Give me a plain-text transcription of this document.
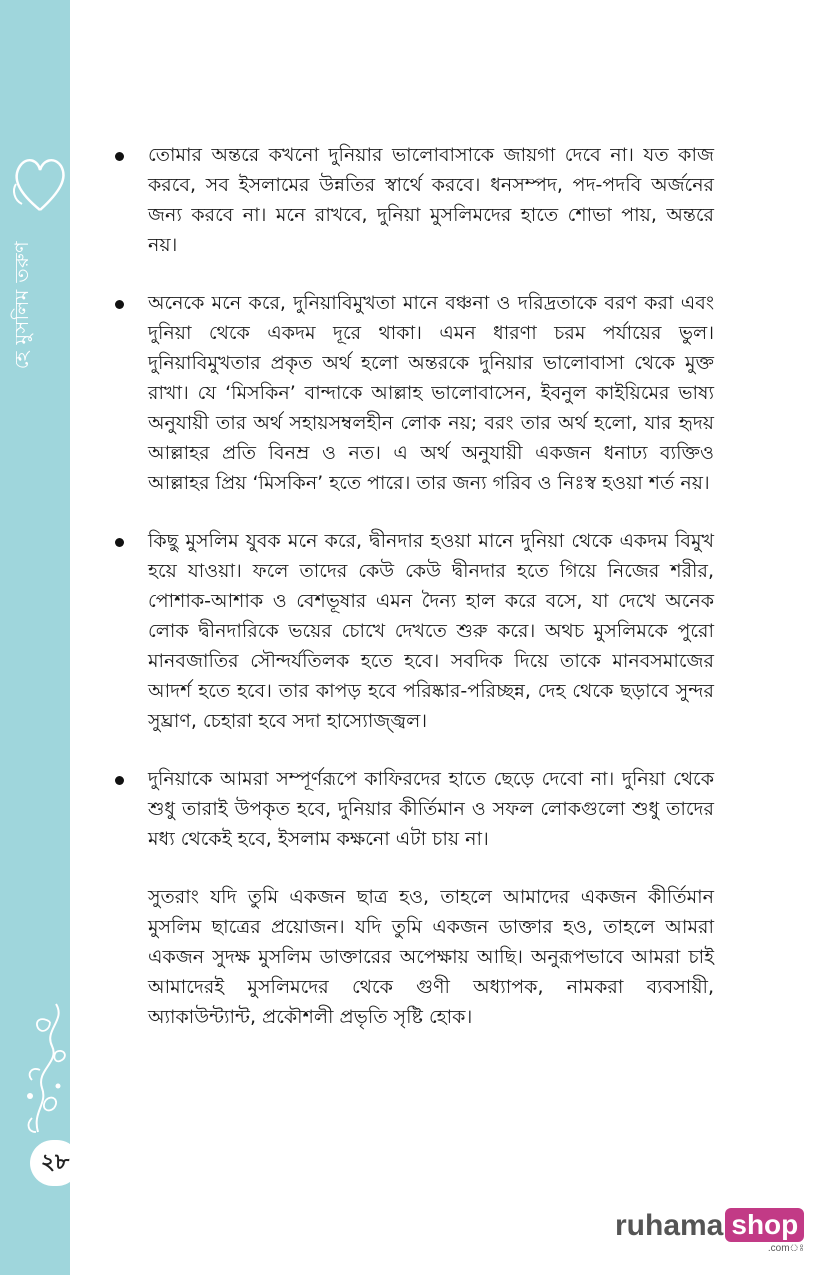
হে মুসলিম তরুণ
২৮
তোমার অন্তরে কখনো দুনিয়ার ভালোবাসাকে জায়গা দেবে না। যত কাজ করবে, সব ইসলামের উন্নতির স্বার্থে করবে। ধনসম্পদ, পদ-পদবি অর্জনের জন্য করবে না। মনে রাখবে, দুনিয়া মুসলিমদের হাতে শোভা পায়, অন্তরে নয়।
অনেকে মনে করে, দুনিয়াবিমুখতা মানে বঞ্চনা ও দরিদ্রতাকে বরণ করা এবং দুনিয়া থেকে একদম দূরে থাকা। এমন ধারণা চরম পর্যায়ের ভুল। দুনিয়াবিমুখতার প্রকৃত অর্থ হলো অন্তরকে দুনিয়ার ভালোবাসা থেকে মুক্ত রাখা। যে ‘মিসকিন’ বান্দাকে আল্লাহ ভালোবাসেন, ইবনুল কাইয়িমের ভাষ্য অনুযায়ী তার অর্থ সহায়সম্বলহীন লোক নয়; বরং তার অর্থ হলো, যার হৃদয় আল্লাহর প্রতি বিনম্র ও নত। এ অর্থ অনুযায়ী একজন ধনাঢ্য ব্যক্তিও আল্লাহর প্রিয় ‘মিসকিন’ হতে পারে। তার জন্য গরিব ও নিঃস্ব হওয়া শর্ত নয়।
কিছু মুসলিম যুবক মনে করে, দ্বীনদার হওয়া মানে দুনিয়া থেকে একদম বিমুখ হয়ে যাওয়া। ফলে তাদের কেউ কেউ দ্বীনদার হতে গিয়ে নিজের শরীর, পোশাক-আশাক ও বেশভূষার এমন দৈন্য হাল করে বসে, যা দেখে অনেক লোক দ্বীনদারিকে ভয়ের চোখে দেখতে শুরু করে। অথচ মুসলিমকে পুরো মানবজাতির সৌন্দর্যতিলক হতে হবে। সবদিক দিয়ে তাকে মানবসমাজের আদর্শ হতে হবে। তার কাপড় হবে পরিষ্কার-পরিচ্ছন্ন, দেহ থেকে ছড়াবে সুন্দর সুঘ্রাণ, চেহারা হবে সদা হাস্যোজ্জ্বল।
দুনিয়াকে আমরা সম্পূর্ণরূপে কাফিরদের হাতে ছেড়ে দেবো না। দুনিয়া থেকে শুধু তারাই উপকৃত হবে, দুনিয়ার কীর্তিমান ও সফল লোকগুলো শুধু তাদের মধ্য থেকেই হবে, ইসলাম কক্ষনো এটা চায় না।
সুতরাং যদি তুমি একজন ছাত্র হও, তাহলে আমাদের একজন কীর্তিমান মুসলিম ছাত্রের প্রয়োজন। যদি তুমি একজন ডাক্তার হও, তাহলে আমরা একজন সুদক্ষ মুসলিম ডাক্তারের অপেক্ষায় আছি। অনুরূপভাবে আমরা চাই আমাদেরই মুসলিমদের থেকে গুণী অধ্যাপক, নামকরা ব্যবসায়ী, অ্যাকাউন্ট্যান্ট, প্রকৌশলী প্রভৃতি সৃষ্টি হোক।
ruhama shop
.comঃ
